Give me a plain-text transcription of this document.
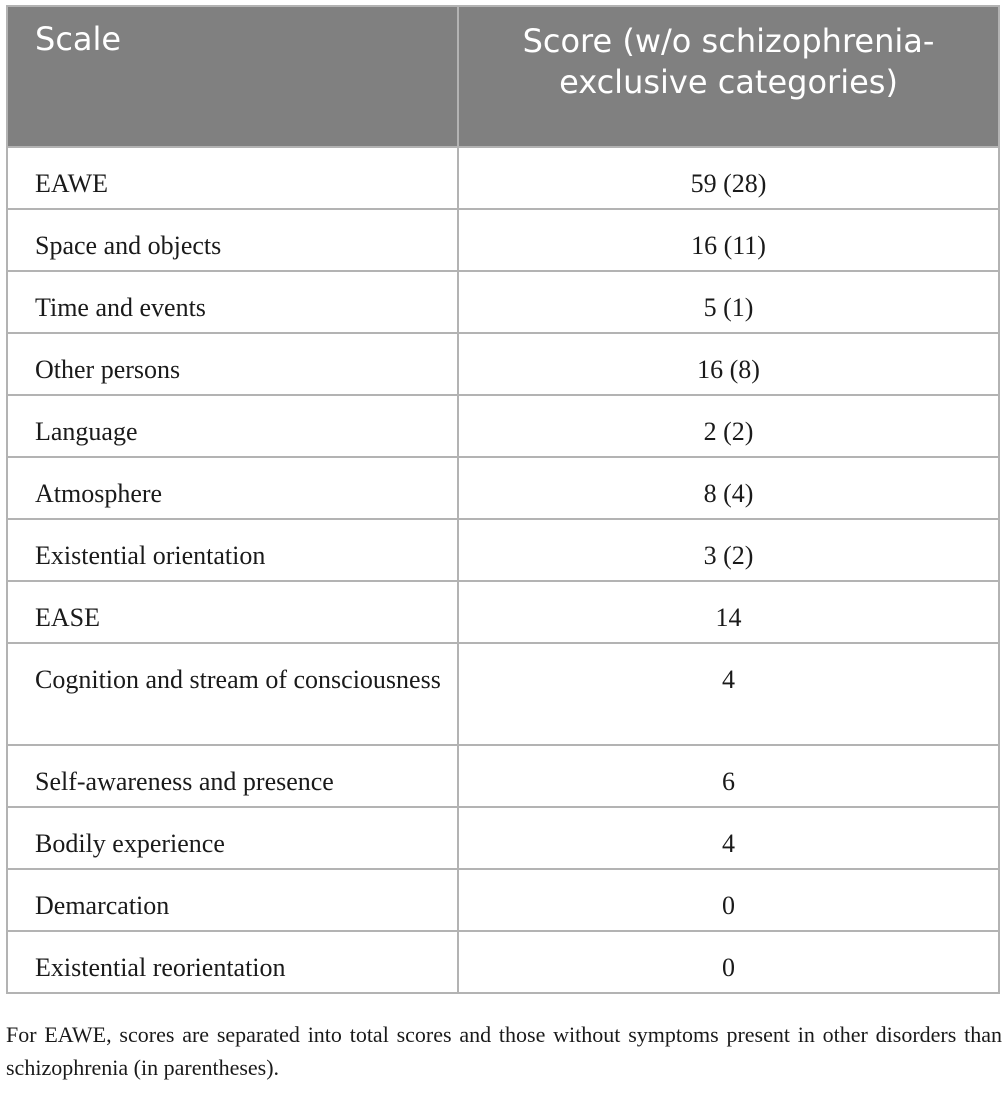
Scale	Score (w/o schizophrenia-exclusive categories)
EAWE	59 (28)
Space and objects	16 (11)
Time and events	5 (1)
Other persons	16 (8)
Language	2 (2)
Atmosphere	8 (4)
Existential orientation	3 (2)
EASE	14
Cognition and stream of consciousness	4
Self-awareness and presence	6
Bodily experience	4
Demarcation	0
Existential reorientation	0

For EAWE, scores are separated into total scores and those without symptoms present in other disorders than schizophrenia (in parentheses).
